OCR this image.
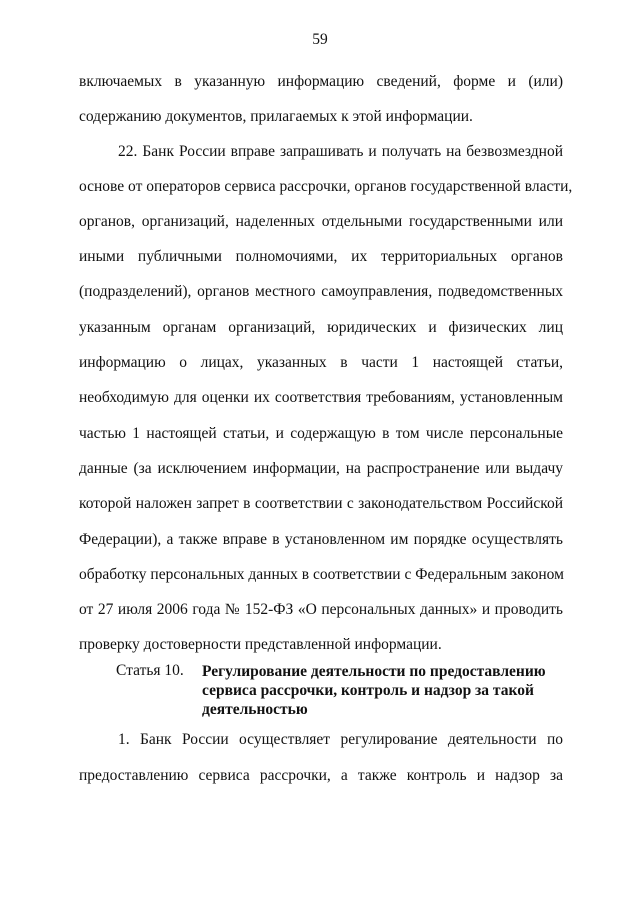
59
включаемых в указанную информацию сведений, форме и (или)
содержанию документов, прилагаемых к этой информации.
22. Банк России вправе запрашивать и получать на безвозмездной
основе от операторов сервиса рассрочки, органов государственной власти,
органов, организаций, наделенных отдельными государственными или
иными публичными полномочиями, их территориальных органов
(подразделений), органов местного самоуправления, подведомственных
указанным органам организаций, юридических и физических лиц
информацию о лицах, указанных в части 1 настоящей статьи,
необходимую для оценки их соответствия требованиям, установленным
частью 1 настоящей статьи, и содержащую в том числе персональные
данные (за исключением информации, на распространение или выдачу
которой наложен запрет в соответствии с законодательством Российской
Федерации), а также вправе в установленном им порядке осуществлять
обработку персональных данных в соответствии с Федеральным законом
от 27 июля 2006 года № 152-ФЗ «О персональных данных» и проводить
проверку достоверности представленной информации.
Статья 10. Регулирование деятельности по предоставлению
сервиса рассрочки, контроль и надзор за такой
деятельностью
1. Банк России осуществляет регулирование деятельности по
предоставлению сервиса рассрочки, а также контроль и надзор за
